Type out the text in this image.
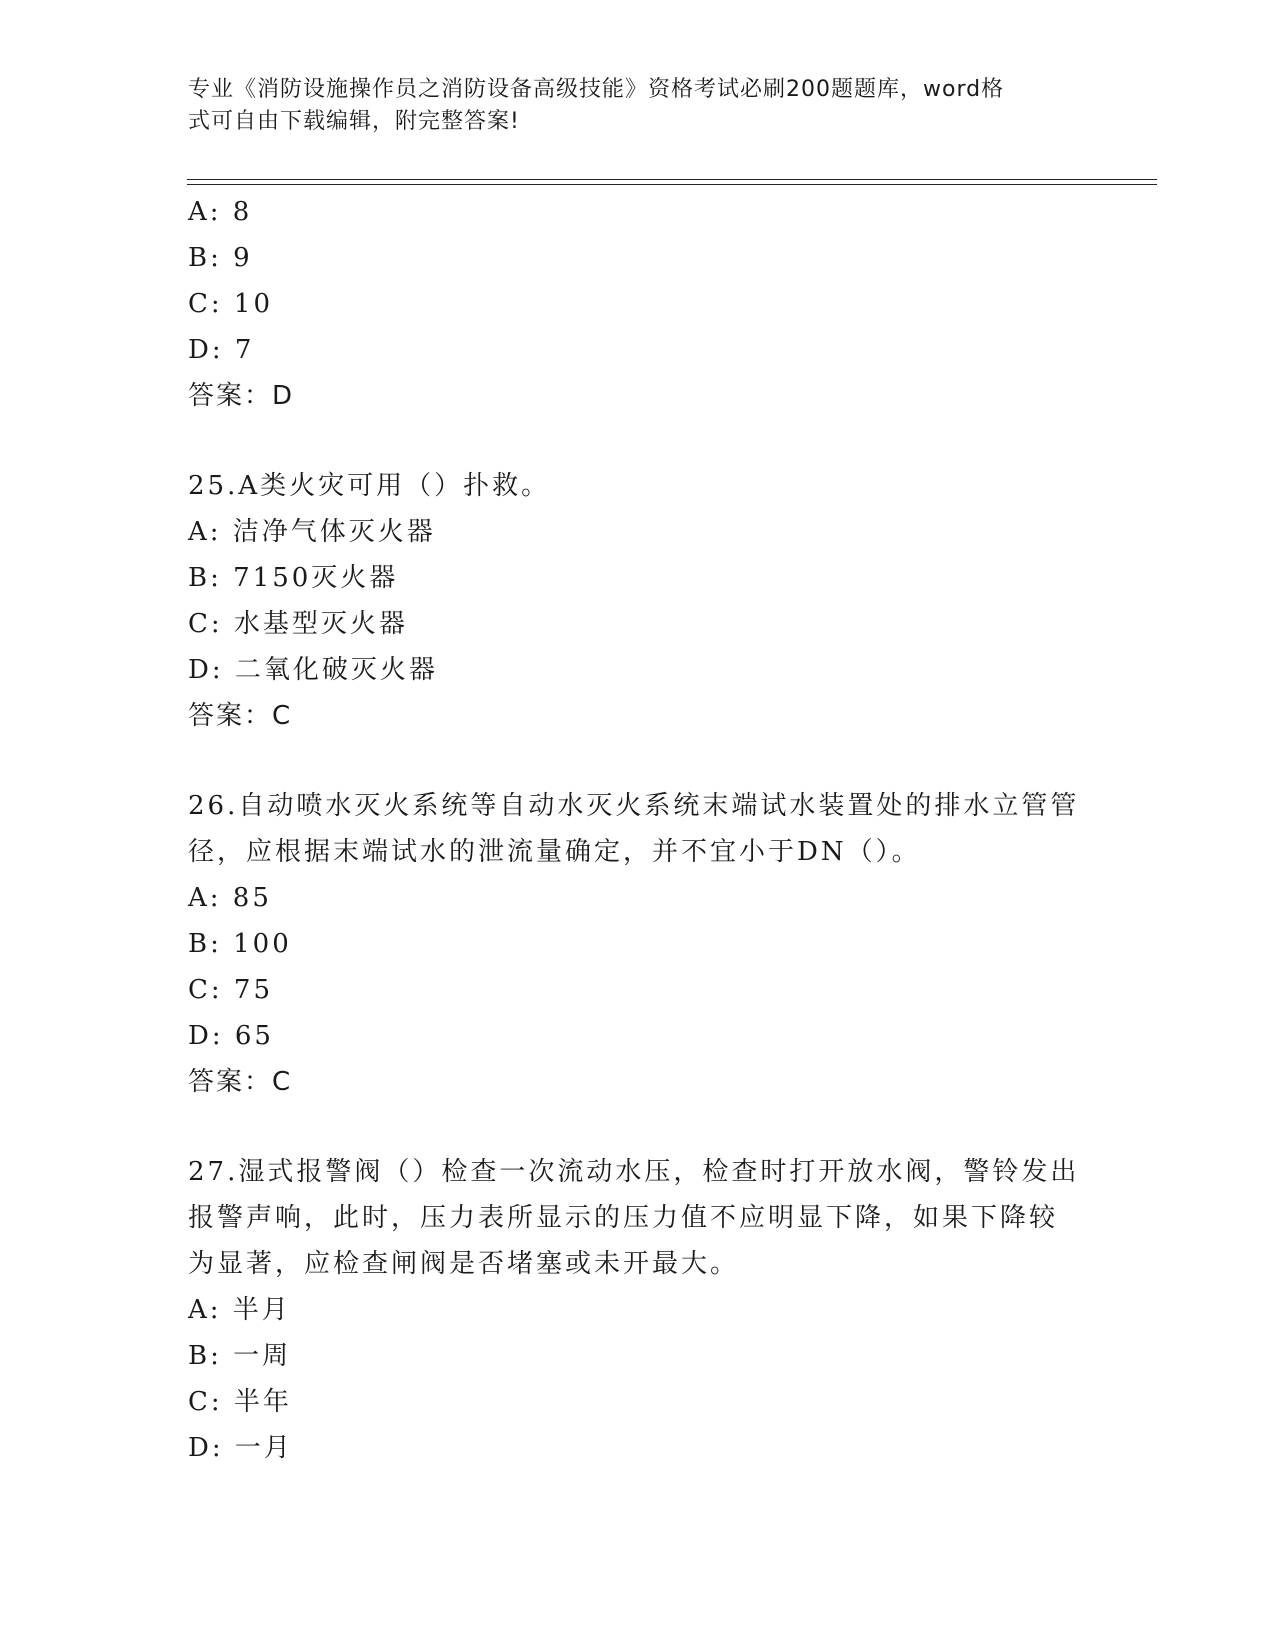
专业《消防设施操作员之消防设备高级技能》资格考试必刷200题题库，word格
式可自由下载编辑，附完整答案!
A: 8
B: 9
C: 10
D: 7
答案：D
25.A类火灾可用（）扑救。
A: 洁净气体灭火器
B: 7150灭火器
C: 水基型灭火器
D: 二氧化破灭火器
答案：C
26.自动喷水灭火系统等自动水灭火系统末端试水装置处的排水立管管
径，应根据末端试水的泄流量确定，并不宜小于DN（）。
A: 85
B: 100
C: 75
D: 65
答案：C
27.湿式报警阀（）检查一次流动水压，检查时打开放水阀，警铃发出
报警声响，此时，压力表所显示的压力值不应明显下降，如果下降较
为显著，应检查闸阀是否堵塞或未开最大。
A: 半月
B: 一周
C: 半年
D: 一月
